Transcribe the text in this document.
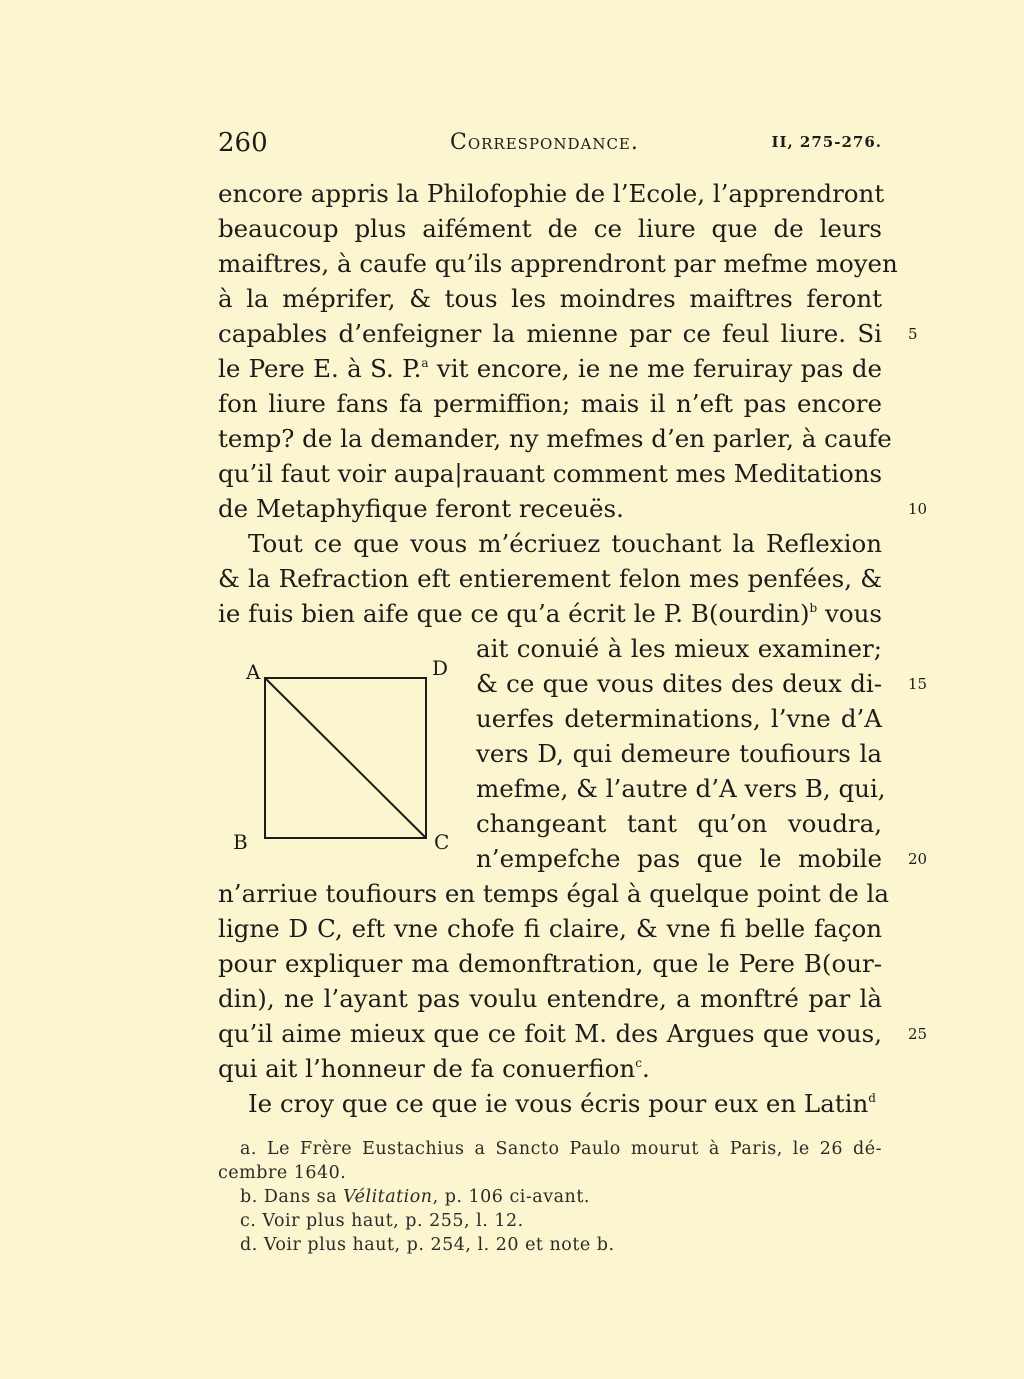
260	Correspondance.	II, 275-276.
encore appris la Philofophie de l’Ecole, l’apprendront
beaucoup plus aifément de ce liure que de leurs
maiftres, à caufe qu’ils apprendront par mefme moyen
à la méprifer, & tous les moindres maiftres feront
capables d’enfeigner la mienne par ce feul liure. Si
le Pere E. à S. P.$^a$ vit encore, ie ne me feruiray pas de
fon liure fans fa permiffion; mais il n’eft pas encore
temp? de la demander, ny mefmes d’en parler, à caufe
qu’il faut voir aupa|rauant comment mes Meditations
de Metaphyfique feront receuës.
Tout ce que vous m’écriuez touchant la Reflexion
& la Refraction eft entierement felon mes penfées, &
ie fuis bien aife que ce qu’a écrit le P. B(ourdin)$^b$ vous
ait conuié à les mieux examiner;
& ce que vous dites des deux di-
uerfes determinations, l’vne d’A
vers D, qui demeure toufiours la
mefme, & l’autre d’A vers B, qui,
changeant tant qu’on voudra,
n’empefche pas que le mobile
n’arriue toufiours en temps égal à quelque point de la
ligne D C, eft vne chofe fi claire, & vne fi belle façon
pour expliquer ma demonftration, que le Pere B(our-
din), ne l’ayant pas voulu entendre, a monftré par là
qu’il aime mieux que ce foit M. des Argues que vous,
qui ait l’honneur de fa conuerfion$^c$.
Ie croy que ce que ie vous écris pour eux en Latin$^d$
5
10
15
20
25
A	D
B	C
a. Le Frère Eustachius a Sancto Paulo mourut à Paris, le 26 dé-
cembre 1640.
b. Dans sa Vélitation, p. 106 ci-avant.
c. Voir plus haut, p. 255, l. 12.
d. Voir plus haut, p. 254, l. 20 et note b.
